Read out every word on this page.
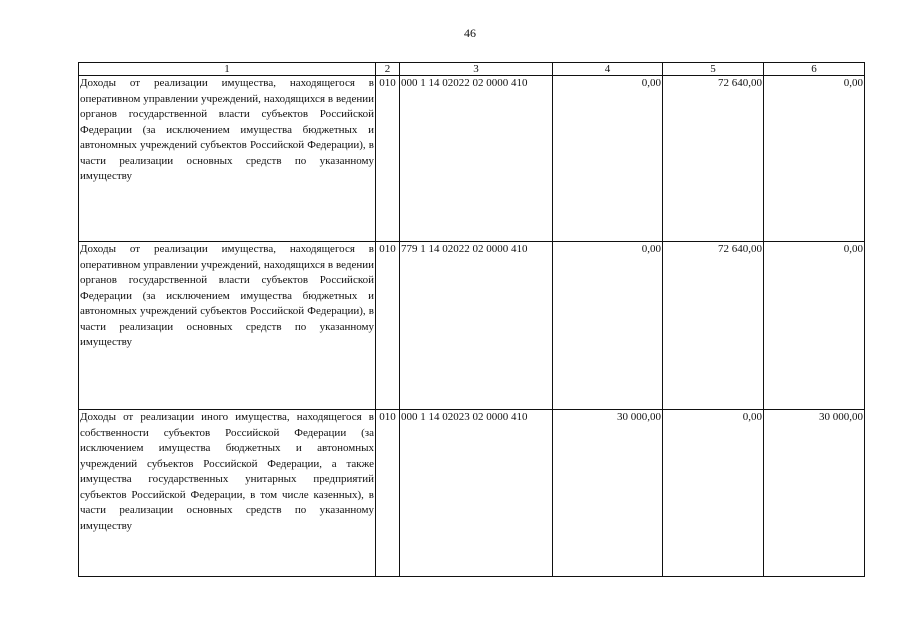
46
1	2	3	4	5	6
Доходы от реализации имущества, находящегося в оперативном управлении учреждений, находящихся в ведении органов государственной власти субъектов Российской Федерации (за исключением имущества бюджетных и автономных учреждений субъектов Российской Федерации), в части реализации основных средств по указанному имуществу	010	000 1 14 02022 02 0000 410	0,00	72 640,00	0,00
Доходы от реализации имущества, находящегося в оперативном управлении учреждений, находящихся в ведении органов государственной власти субъектов Российской Федерации (за исключением имущества бюджетных и автономных учреждений субъектов Российской Федерации), в части реализации основных средств по указанному имуществу	010	779 1 14 02022 02 0000 410	0,00	72 640,00	0,00
Доходы от реализации иного имущества, находящегося в собственности субъектов Российской Федерации (за исключением имущества бюджетных и автономных учреждений субъектов Российской Федерации, а также имущества государственных унитарных предприятий субъектов Российской Федерации, в том числе казенных), в части реализации основных средств по указанному имуществу	010	000 1 14 02023 02 0000 410	30 000,00	0,00	30 000,00
